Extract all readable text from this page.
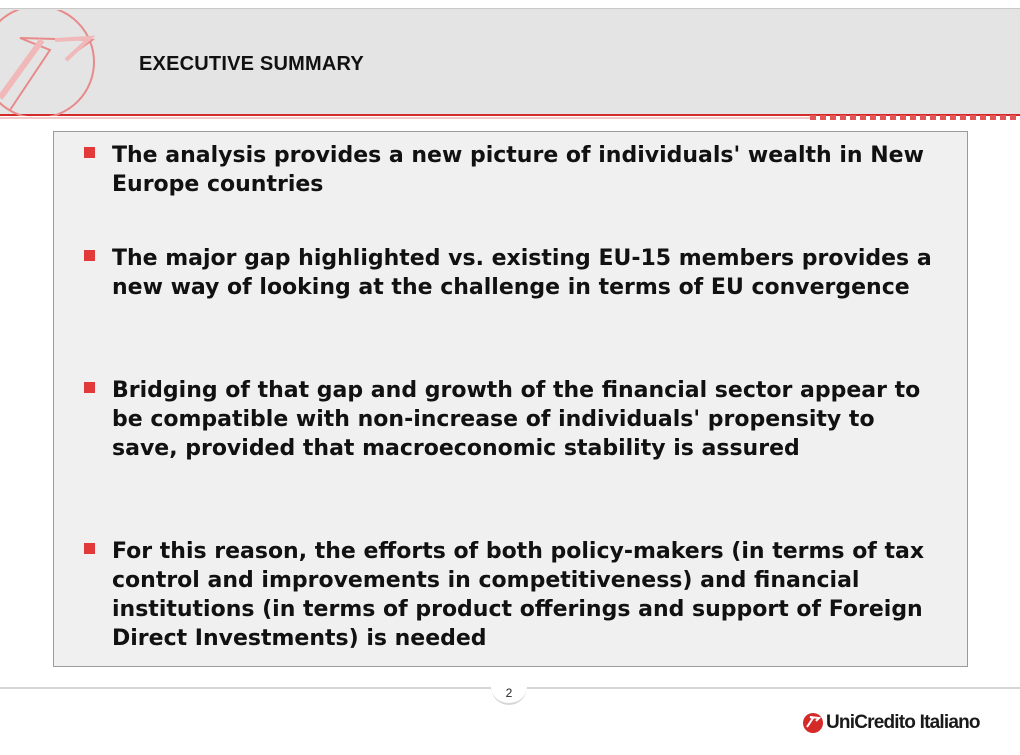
EXECUTIVE SUMMARY
The analysis provides a new picture of individuals' wealth in New Europe countries
The major gap highlighted vs. existing EU-15 members provides a new way of looking at the challenge in terms of EU convergence
Bridging of that gap and growth of the financial sector appear to be compatible with non-increase of individuals' propensity to save, provided that macroeconomic stability is assured
For this reason, the efforts of both policy-makers (in terms of tax control and improvements in competitiveness) and financial institutions (in terms of product offerings and support of Foreign Direct Investments) is needed
2
UniCredito Italiano
